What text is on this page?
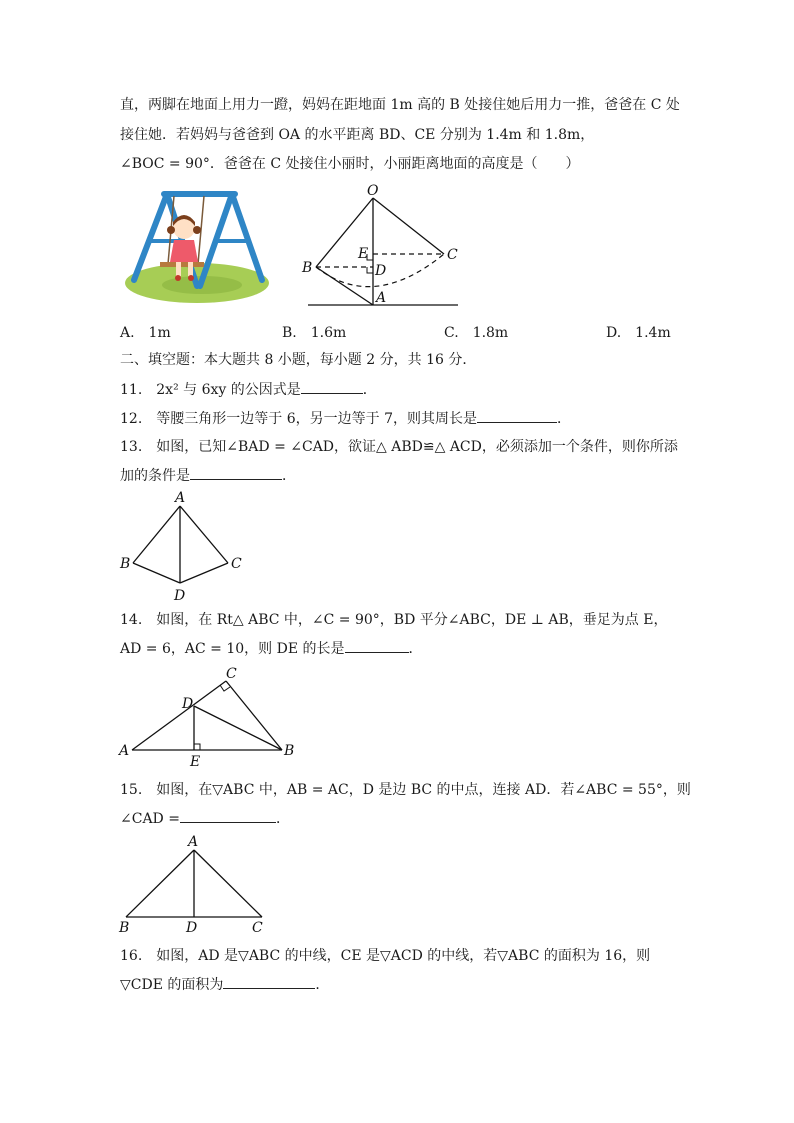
直，两脚在地面上用力一蹬，妈妈在距地面 1m 高的 B 处接住她后用力一推，爸爸在 C 处
接住她．若妈妈与爸爸到 OA 的水平距离 BD、CE 分别为 1.4m 和 1.8m，
∠BOC = 90°．爸爸在 C 处接住小丽时，小丽距离地面的高度是（　　）
O
E	C
B	D
A
A.　1m	B.　1.6m	C.　1.8m	D.　1.4m
二、填空题：本大题共 8 小题，每小题 2 分，共 16 分．
11.　2x² 与 6xy 的公因式是	．
12.　等腰三角形一边等于 6，另一边等于 7，则其周长是	．
13.　如图，已知∠BAD = ∠CAD，欲证△ ABD≌△ ACD，必须添加一个条件，则你所添
加的条件是	．
A
B	C
D
14.　如图，在 Rt△ ABC 中，∠C = 90°，BD 平分∠ABC，DE ⊥ AB，垂足为点 E，
AD = 6，AC = 10，则 DE 的长是	．
C
D
A	B
E
15.　如图，在▽ABC 中，AB = AC，D 是边 BC 的中点，连接 AD．若∠ABC = 55°，则
∠CAD =	．
A
B	D	C
16.　如图，AD 是▽ABC 的中线，CE 是▽ACD 的中线，若▽ABC 的面积为 16，则
▽CDE 的面积为	．
